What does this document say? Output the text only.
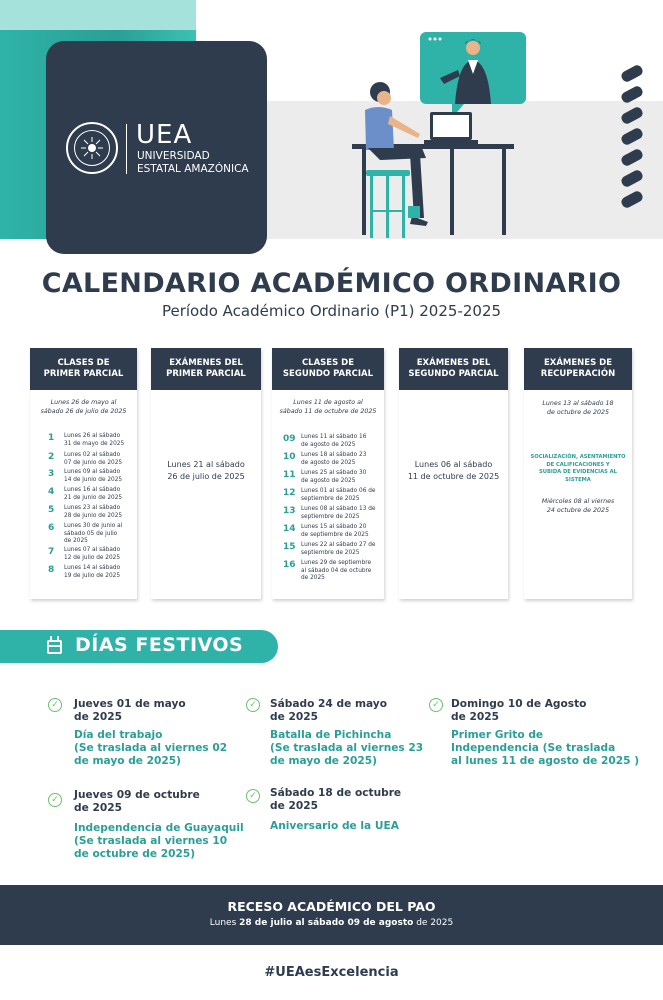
UEA
UNIVERSIDAD
ESTATAL AMAZÓNICA
CALENDARIO ACADÉMICO ORDINARIO
Período Académico Ordinario (P1) 2025-2025
CLASES DE
PRIMER PARCIAL
Lunes 26 de mayo al
sábado 26 de julio de 2025
1	Lunes 26 al sábado
31 de mayo de 2025
2	Lunes 02 al sábado
07 de junio de 2025
3	Lunes 09 al sábado
14 de junio de 2025
4	Lunes 16 al sábado
21 de junio de 2025
5	Lunes 23 al sábado
28 de junio de 2025
6	Lunes 30 de junio al
sábado 05 de julio
de 2025
7	Lunes 07 al sábado
12 de julio de 2025
8	Lunes 14 al sábado
19 de julio de 2025
EXÁMENES DEL
PRIMER PARCIAL
Lunes 21 al sábado
26 de julio de 2025
CLASES DE
SEGUNDO PARCIAL
Lunes 11 de agosto al
sábado 11 de octubre de 2025
09 Lunes 11 al sábado 16
de agosto de 2025
10 Lunes 18 al sábado 23
de agosto de 2025
11 Lunes 25 al sábado 30
de agosto de 2025
12 Lunes 01 al sábado 06 de
septiembre de 2025
13 Lunes 08 al sábado 13 de
septiembre de 2025
14 Lunes 15 al sábado 20
de septiembre de 2025
15 Lunes 22 al sábado 27 de
septiembre de 2025
16 Lunes 29 de septiembre
al sábado 04 de octubre
de 2025
EXÁMENES DEL
SEGUNDO PARCIAL
Lunes 06 al sábado
11 de octubre de 2025
EXÁMENES DE
RECUPERACIÓN
Lunes 13 al sábado 18
de octubre de 2025
SOCIALIZACIÓN, ASENTAMIENTO
DE CALIFICACIONES Y
SUBIDA DE EVIDENCIAS AL
SISTEMA
Miércoles 08 al viernes
24 octubre de 2025
DÍAS FESTIVOS
✓	Jueves 01 de mayo
de 2025
Día del trabajo
(Se traslada al viernes 02
de mayo de 2025)
✓	Sábado 24 de mayo
de 2025
Batalla de Pichincha
(Se traslada al viernes 23
de mayo de 2025)
✓	Domingo 10 de Agosto
de 2025
Primer Grito de
Independencia (Se traslada
al lunes 11 de agosto de 2025 )
✓	Jueves 09 de octubre
de 2025
Independencia de Guayaquil
(Se traslada al viernes 10
de octubre de 2025)
✓	Sábado 18 de octubre
de 2025
Aniversario de la UEA
RECESO ACADÉMICO DEL PAO
Lunes 28 de julio al sábado 09 de agosto de 2025
#UEAesExcelencia
